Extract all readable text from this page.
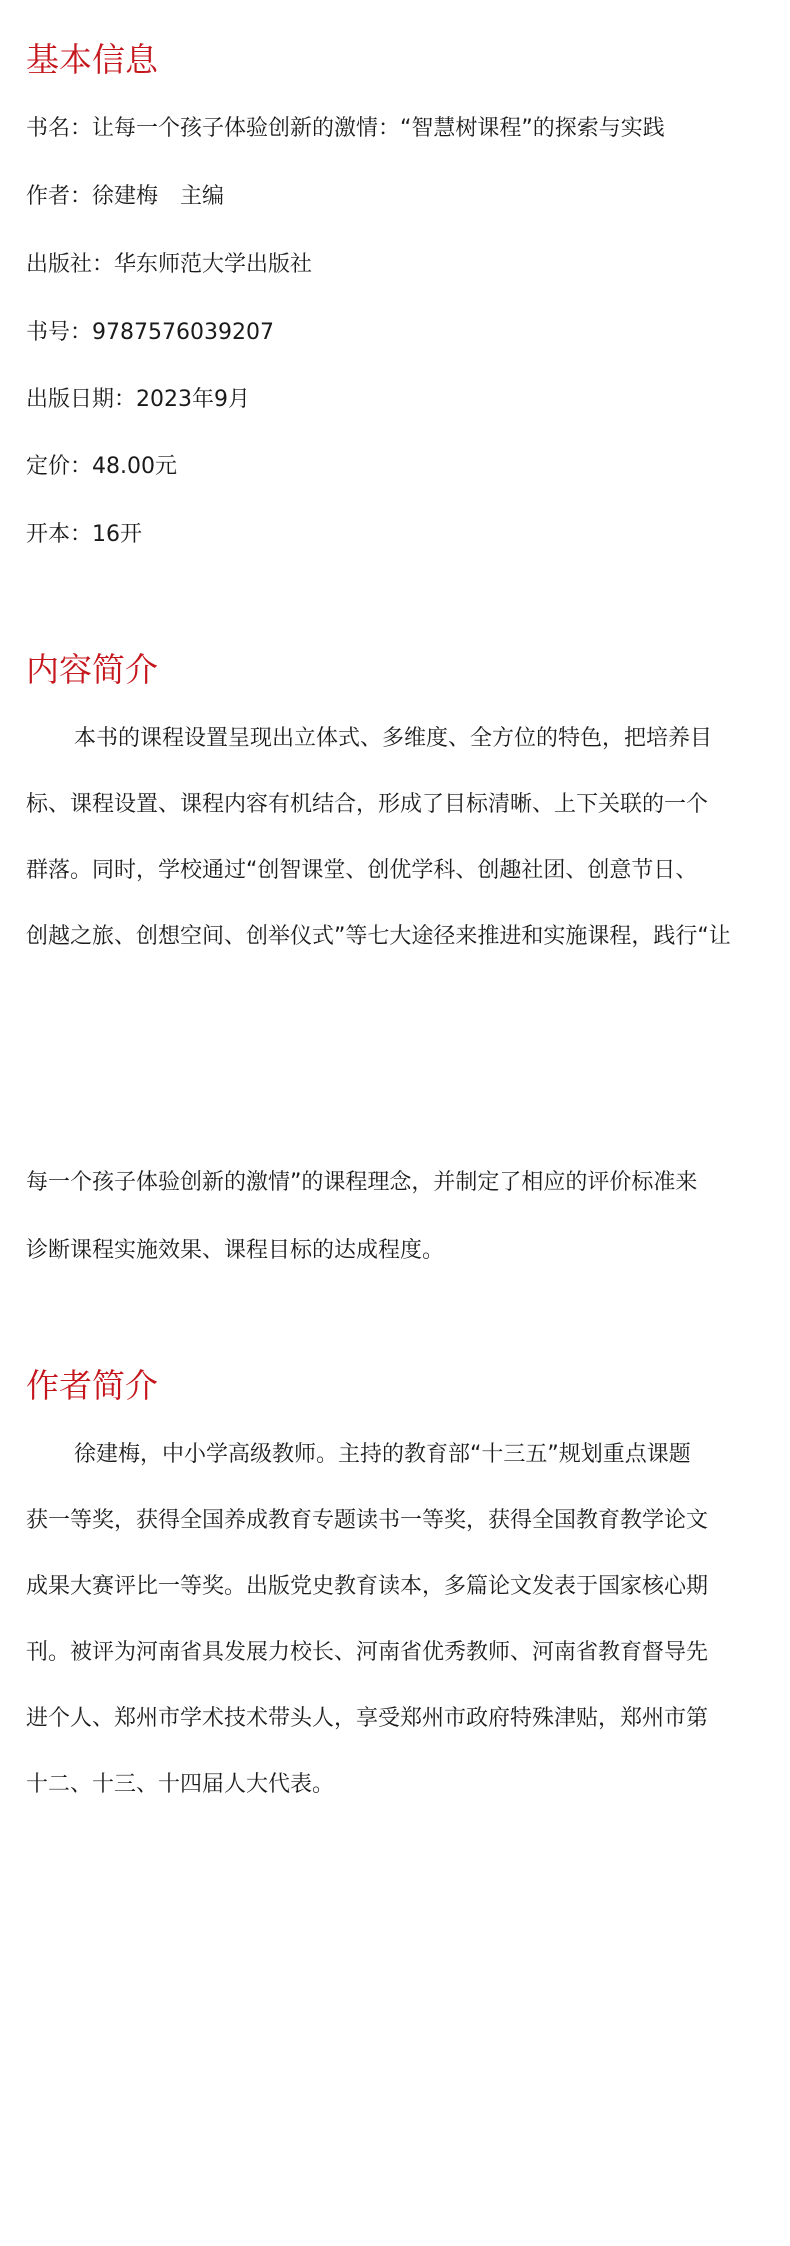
基本信息
书名：让每一个孩子体验创新的激情：“智慧树课程”的探索与实践
作者：徐建梅　主编
出版社：华东师范大学出版社
书号：9787576039207
出版日期：2023年9月
定价：48.00元
开本：16开
内容简介
本书的课程设置呈现出立体式、多维度、全方位的特色，把培养目
标、课程设置、课程内容有机结合，形成了目标清晰、上下关联的一个
群落。同时，学校通过“创智课堂、创优学科、创趣社团、创意节日、
创越之旅、创想空间、创举仪式”等七大途径来推进和实施课程，践行“让
每一个孩子体验创新的激情”的课程理念，并制定了相应的评价标准来
诊断课程实施效果、课程目标的达成程度。
作者简介
徐建梅，中小学高级教师。主持的教育部“十三五”规划重点课题
获一等奖，获得全国养成教育专题读书一等奖，获得全国教育教学论文
成果大赛评比一等奖。出版党史教育读本，多篇论文发表于国家核心期
刊。被评为河南省具发展力校长、河南省优秀教师、河南省教育督导先
进个人、郑州市学术技术带头人，享受郑州市政府特殊津贴，郑州市第
十二、十三、十四届人大代表。
